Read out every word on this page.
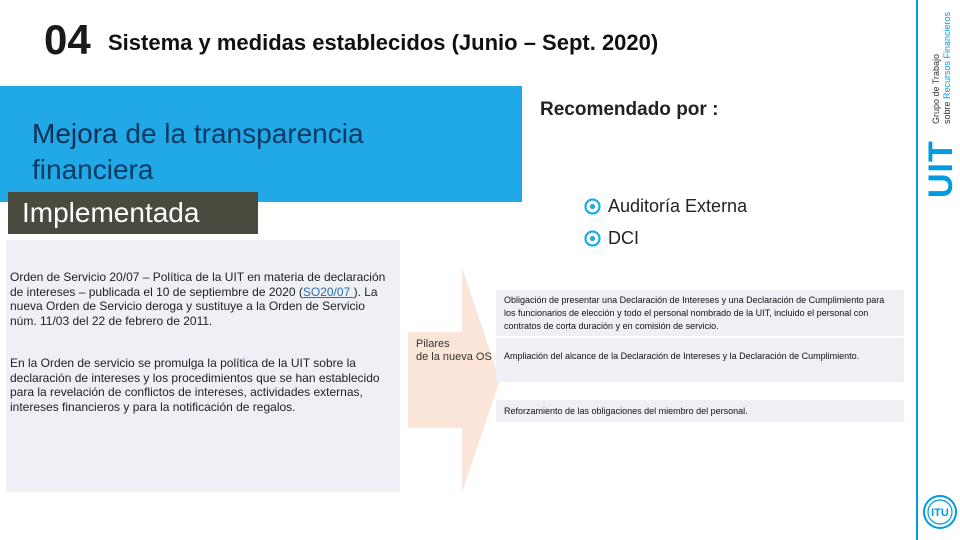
04 Sistema y medidas establecidos (Junio – Sept. 2020)
Grupo de Trabajo sobre Recursos Financieros
UIT
ITU
Mejora de la transparencia
financiera
Implementada
Recomendado por :
CAGI
Auditoría Interna
Auditoría Externa
DCI

Orden de Servicio 20/07 – Política de la UIT en materia de declaración de intereses – publicada el 10 de septiembre de 2020 (SO20/07 ). La nueva Orden de Servicio deroga y sustituye a la Orden de Servicio núm. 11/03 del 22 de febrero de 2011.

En la Orden de servicio se promulga la política de la UIT sobre la declaración de intereses y los procedimientos que se han establecido para la revelación de conflictos de intereses, actividades externas, intereses financieros y para la notificación de regalos.

Pilares
de la nueva OS
Obligación de presentar una Declaración de Intereses y una Declaración de Cumplimiento para los funcionarios de elección y todo el personal nombrado de la UIT, incluido el personal con contratos de corta duración y en comisión de servicio.
Ampliación del alcance de la Declaración de Intereses y la Declaración de Cumplimiento.
Reforzamiento de las obligaciones del miembro del personal.
